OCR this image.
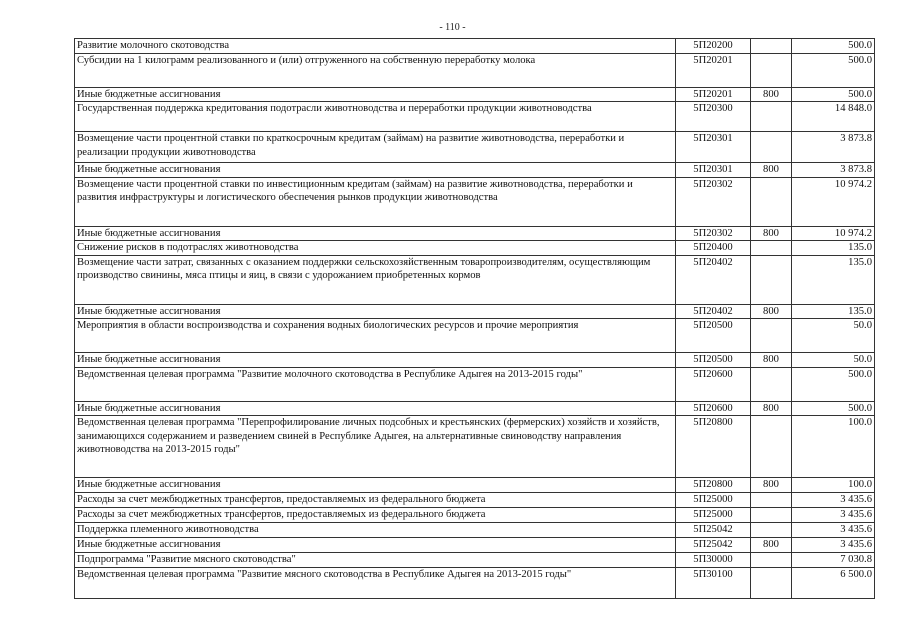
- 110 -
Развитие молочного скотоводства	5П20200		500.0
Субсидии на 1 килограмм реализованного и (или) отгруженного на собственную переработку молока	5П20201		500.0
Иные бюджетные ассигнования	5П20201	800	500.0
Государственная поддержка кредитования подотрасли животноводства и переработки продукции животноводства	5П20300		14 848.0
Возмещение части процентной ставки по краткосрочным кредитам (займам) на развитие животноводства, переработки и реализации продукции животноводства	5П20301		3 873.8
Иные бюджетные ассигнования	5П20301	800	3 873.8
Возмещение части процентной ставки по инвестиционным кредитам (займам) на развитие животноводства, переработки и развития инфраструктуры и логистического обеспечения рынков продукции животноводства	5П20302		10 974.2
Иные бюджетные ассигнования	5П20302	800	10 974.2
Снижение рисков в подотраслях животноводства	5П20400		135.0
Возмещение части затрат, связанных с оказанием поддержки сельскохозяйственным товаропроизводителям, осуществляющим производство свинины, мяса птицы и яиц, в связи с удорожанием приобретенных кормов	5П20402		135.0
Иные бюджетные ассигнования	5П20402	800	135.0
Мероприятия в области воспроизводства и сохранения водных биологических ресурсов и прочие мероприятия	5П20500		50.0
Иные бюджетные ассигнования	5П20500	800	50.0
Ведомственная целевая программа "Развитие молочного скотоводства в Республике Адыгея на 2013-2015 годы"	5П20600		500.0
Иные бюджетные ассигнования	5П20600	800	500.0
Ведомственная целевая программа "Перепрофилирование личных подсобных и крестьянских (фермерских) хозяйств и хозяйств, занимающихся содержанием и разведением свиней в Республике Адыгея, на альтернативные свиноводству направления животноводства на 2013-2015 годы"	5П20800		100.0
Иные бюджетные ассигнования	5П20800	800	100.0
Расходы за счет межбюджетных трансфертов, предоставляемых из федерального бюджета	5П25000		3 435.6
Расходы за счет межбюджетных трансфертов, предоставляемых из федерального бюджета	5П25000		3 435.6
Поддержка племенного животноводства	5П25042		3 435.6
Иные бюджетные ассигнования	5П25042	800	3 435.6
Подпрограмма "Развитие мясного скотоводства"	5П30000		7 030.8
Ведомственная целевая программа "Развитие мясного скотоводства в Республике Адыгея на 2013-2015 годы"	5П30100		6 500.0
